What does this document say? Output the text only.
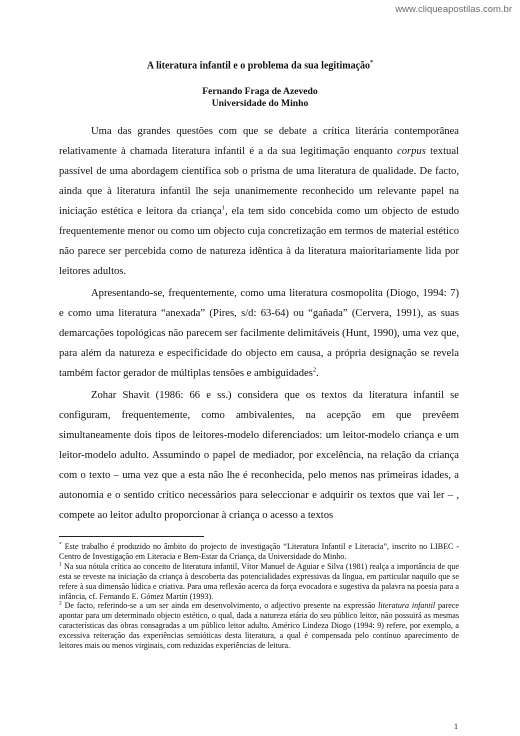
www.cliqueapostilas.com.br
A literatura infantil e o problema da sua legitimação*
Fernando Fraga de Azevedo
Universidade do Minho

Uma das grandes questões com que se debate a crítica literária contemporânea relativamente à chamada literatura infantil é a da sua legitimação enquanto corpus textual passível de uma abordagem científica sob o prisma de uma literatura de qualidade. De facto, ainda que à literatura infantil lhe seja unanimemente reconhecido um relevante papel na iniciação estética e leitora da criança$^1$, ela tem sido concebida como um objecto de estudo frequentemente menor ou como um objecto cuja concretização em termos de material estético não parece ser percebida como de natureza idêntica à da literatura maioritariamente lida por leitores adultos.

Apresentando-se, frequentemente, como uma literatura cosmopolita (Diogo, 1994: 7) e como uma literatura “anexada” (Pires, s/d: 63-64) ou “gañada” (Cervera, 1991), as suas demarcações topológicas não parecem ser facilmente delimitáveis (Hunt, 1990), uma vez que, para além da natureza e especificidade do objecto em causa, a própria designação se revela também factor gerador de múltiplas tensões e ambiguidades$^2$.

Zohar Shavit (1986: 66 e ss.) considera que os textos da literatura infantil se configuram, frequentemente, como ambivalentes, na acepção em que prevêem simultaneamente dois tipos de leitores-modelo diferenciados: um leitor-modelo criança e um leitor-modelo adulto. Assumindo o papel de mediador, por excelência, na relação da criança com o texto – uma vez que a esta não lhe é reconhecida, pelo menos nas primeiras idades, a autonomia e o sentido crítico necessários para seleccionar e adquirir os textos que vai ler – , compete ao leitor adulto proporcionar à criança o acesso a textos

* Este trabalho é produzido no âmbito do projecto de investigação “Literatura Infantil e Literacia”, inscrito no LIBEC - Centro de Investigação em Literacia e Bem-Estar da Criança, da Universidade do Minho.

$^1$ Na sua nótula crítica ao conceito de literatura infantil, Vítor Manuel de Aguiar e Silva (1981) realça a importância de que esta se reveste na iniciação da criança à descoberta das potencialidades expressivas da língua, em particular naquilo que se refere à sua dimensão lúdica e criativa. Para uma reflexão acerca da força evocadora e sugestiva da palavra na poesia para a infância, cf. Fernando E. Gómez Martín (1993).

$^2$ De facto, referindo-se a um ser ainda em desenvolvimento, o adjectivo presente na expressão literatura infantil parece apontar para um determinado objecto estético, o qual, dada a natureza etária do seu público leitor, não possuirá as mesmas características das obras consagradas a um público leitor adulto. Américo Lindeza Diogo (1994: 9) refere, por exemplo, a excessiva reiteração das experiências semióticas desta literatura, a qual é compensada pelo contínuo aparecimento de leitores mais ou menos virginais, com reduzidas experiências de leitura.

1
